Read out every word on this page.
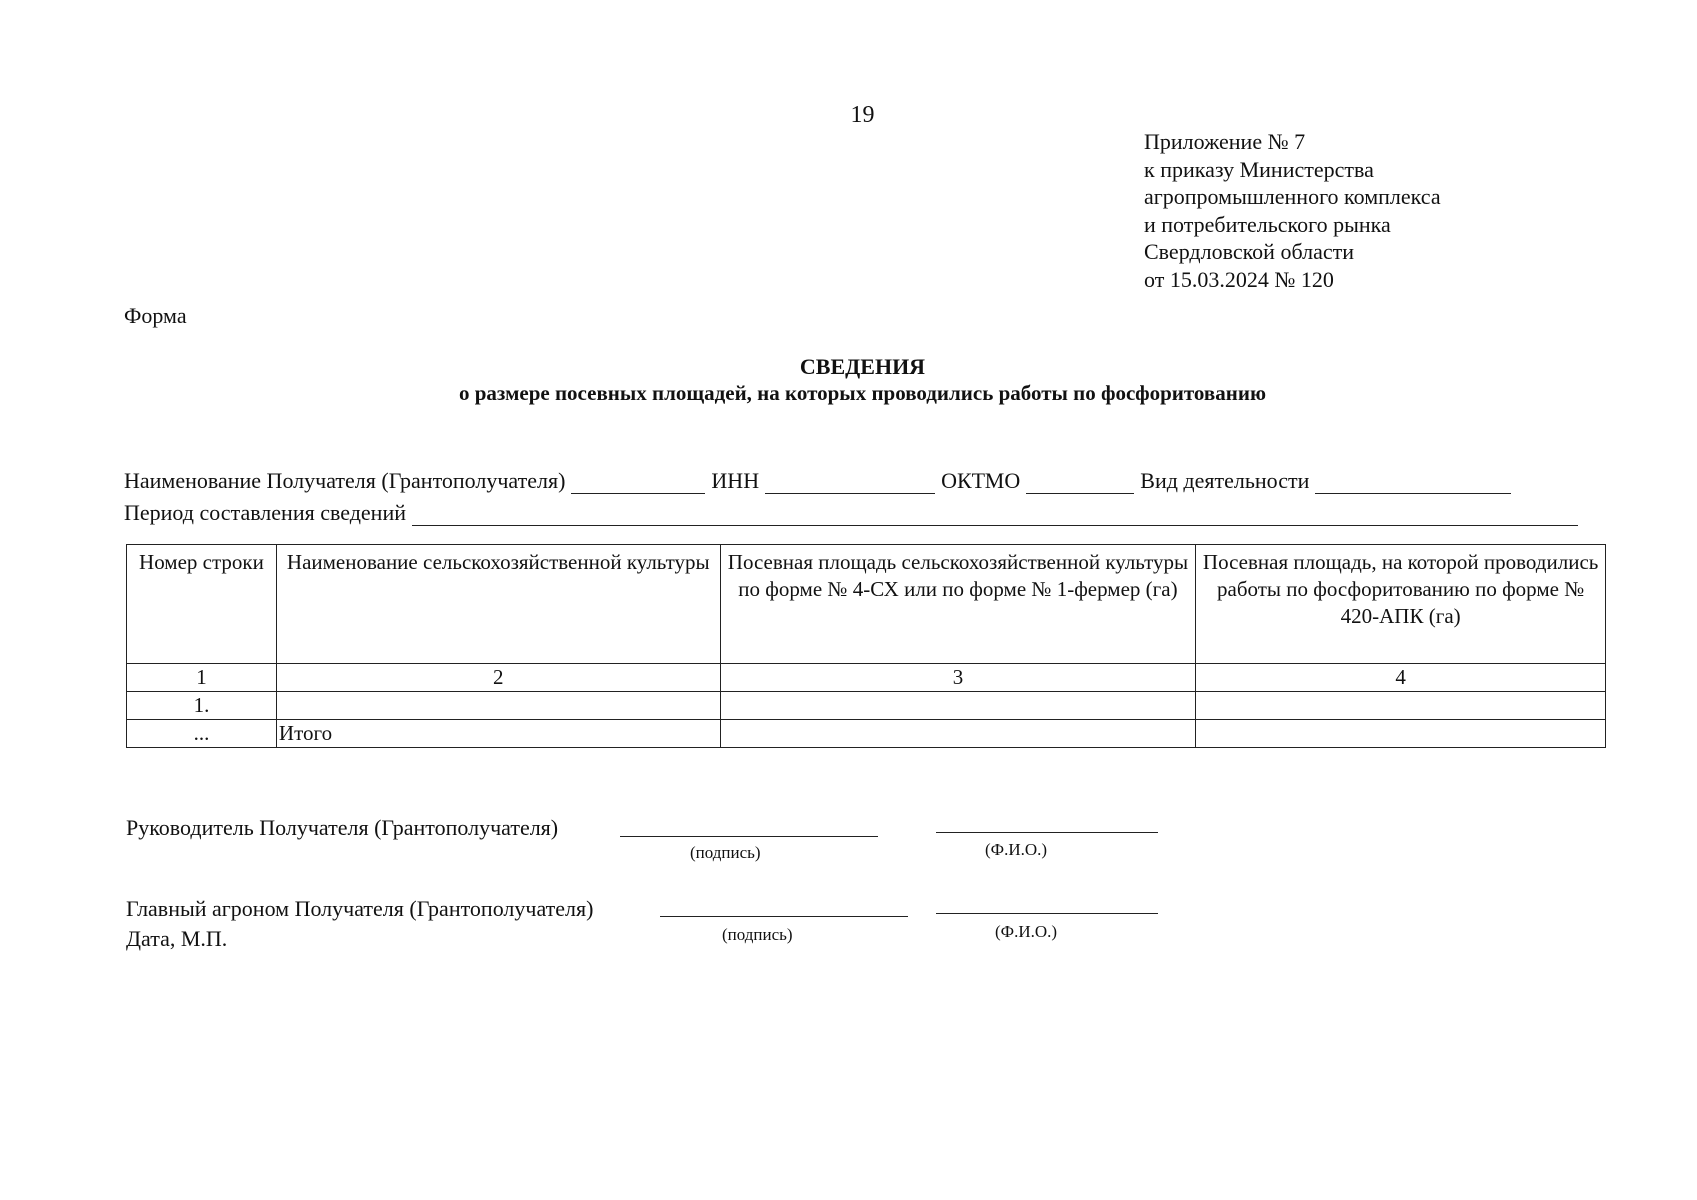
19
Приложение № 7
к приказу Министерства
агропромышленного комплекса
и потребительского рынка
Свердловской области
от 15.03.2024 № 120
Форма
СВЕДЕНИЯ
о размере посевных площадей, на которых проводились работы по фосфоритованию
Наименование Получателя (Грантополучателя)	ИНН	ОКТМО	Вид деятельности
Период составления сведений
Номер строки	Наименование сельскохозяйственной культуры	Посевная площадь сельскохозяйственной культуры по форме № 4-СХ или по форме № 1-фермер (га)	Посевная площадь, на которой проводились работы по фосфоритованию по форме № 420-АПК (га)
1	2	3	4
1.			
...	Итого		
Руководитель Получателя (Грантополучателя)
(подпись)	(Ф.И.О.)
Главный агроном Получателя (Грантополучателя)
Дата, М.П.	(подпись)	(Ф.И.О.)
